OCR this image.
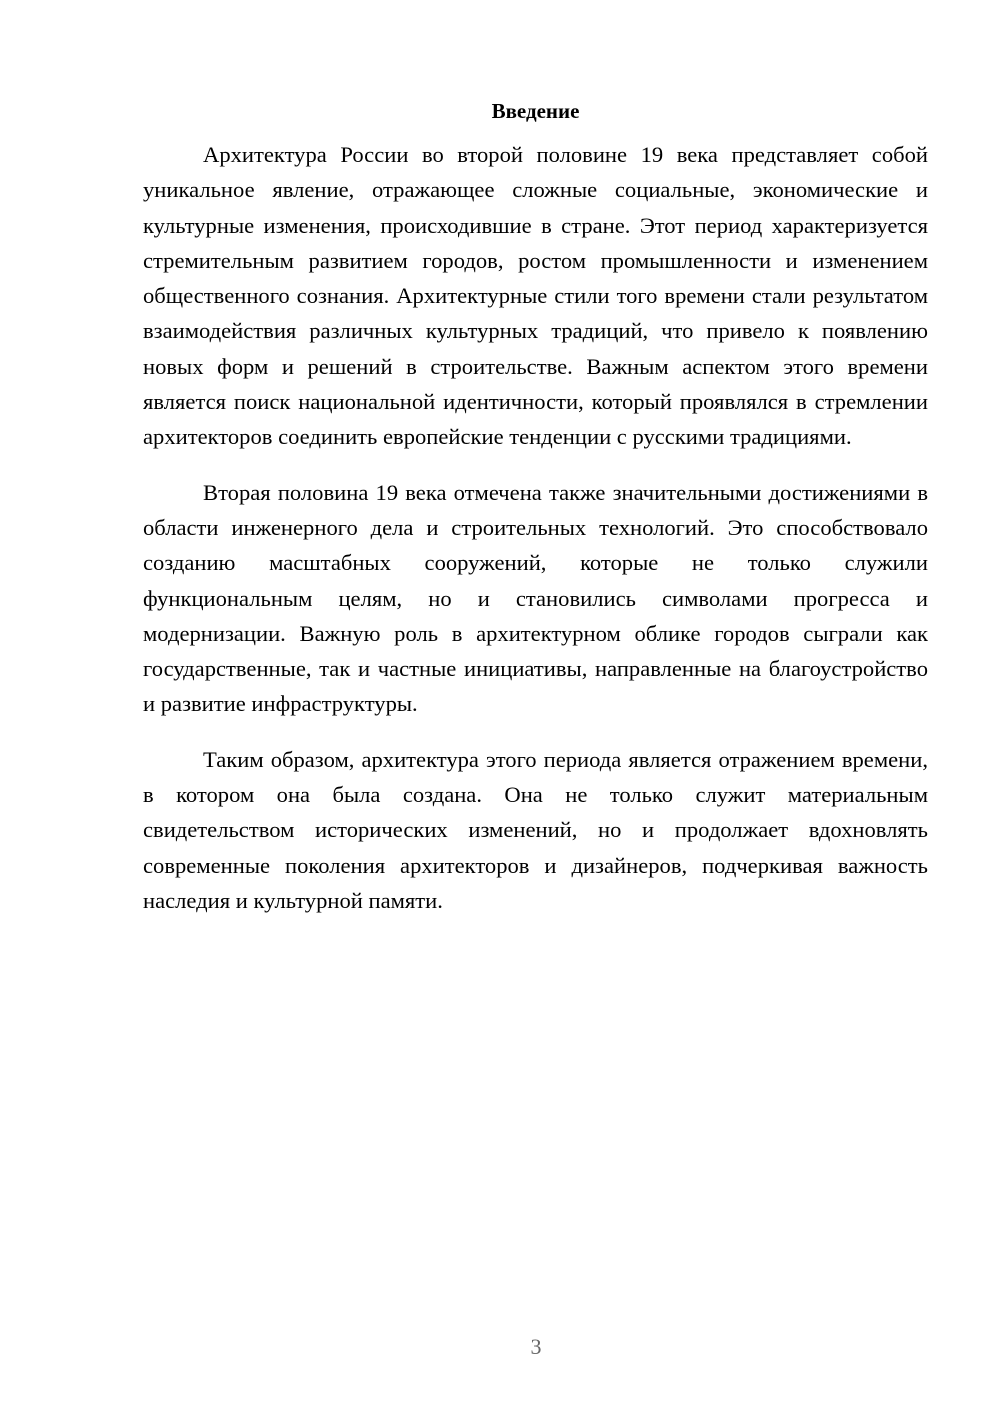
Введение

Архитектура России во второй половине 19 века представляет собой уникальное явление, отражающее сложные социальные, экономические и культурные изменения, происходившие в стране. Этот период характеризуется стремительным развитием городов, ростом промышленности и изменением общественного сознания. Архитектурные стили того времени стали результатом взаимодействия различных культурных традиций, что привело к появлению новых форм и решений в строительстве. Важным аспектом этого времени является поиск национальной идентичности, который проявлялся в стремлении архитекторов соединить европейские тенденции с русскими традициями.

Вторая половина 19 века отмечена также значительными достижениями в области инженерного дела и строительных технологий. Это способствовало созданию масштабных сооружений, которые не только служили функциональным целям, но и становились символами прогресса и модернизации. Важную роль в архитектурном облике городов сыграли как государственные, так и частные инициативы, направленные на благоустройство и развитие инфраструктуры.

Таким образом, архитектура этого периода является отражением времени, в котором она была создана. Она не только служит материальным свидетельством исторических изменений, но и продолжает вдохновлять современные поколения архитекторов и дизайнеров, подчеркивая важность наследия и культурной памяти.

3
